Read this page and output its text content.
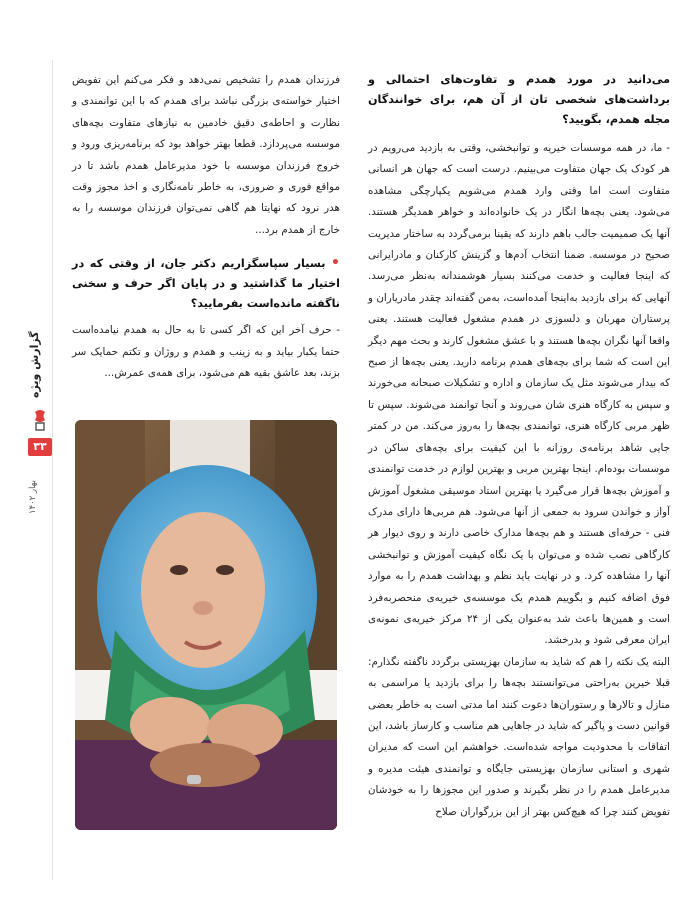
می‌دانید در مورد همدم و تفاوت‌های احتمالی و برداشت‌های شخصی تان از آن هم، برای خوانندگان مجله همدم، بگویید؟

- ما، در همه موسسات خیریه و توانبخشی، وقتی به بازدید می‌رویم در هر کودک یک جهان متفاوت می‌بینیم. درست است که جهان هر انسانی متفاوت است اما وقتی وارد همدم می‌شویم یکپارچگی مشاهده می‌شود. یعنی بچه‌ها انگار در یک خانواده‌اند و خواهر همدیگر هستند. آنها یک صمیمیت جالب باهم دارند که یقینا برمی‌گردد به ساختار مدیریت صحیح در موسسه. ضمنا انتخاب آدم‌ها و گزینش کارکنان و مادرایرانی که اینجا فعالیت و خدمت می‌کنند بسیار هوشمندانه به‌نظر می‌رسد. آنهایی که برای بازدید به‌اینجا آمده‌است، به‌من گفته‌اند چقدر مادریاران و پرستاران مهربان و دلسوزی در همدم مشغول فعالیت هستند. یعنی واقعا آنها نگران بچه‌ها هستند و با عشق مشغول کارند و بحث مهم دیگر این است که شما برای بچه‌های همدم برنامه دارید. یعنی بچه‌ها از صبح که بیدار می‌شوند مثل یک سازمان و اداره و تشکیلات صبحانه می‌خورند و سپس به کارگاه هنری شان می‌روند و آنجا توانمند می‌شوند. سپس تا ظهر مربی کارگاه هنری، توانمندی بچه‌ها را به‌روز می‌کند. من در کمتر جایی شاهد برنامه‌ی روزانه با این کیفیت برای بچه‌های ساکن در موسسات بوده‌ام. اینجا بهترین مربی و بهترین لوازم در خدمت توانمندی و آموزش بچه‌ها قرار می‌گیرد یا بهترین استاد موسیقی مشغول آموزش آواز و خواندن سرود به جمعی از آنها می‌شود. هم مربی‌ها دارای مدرک فنی - حرفه‌ای هستند و هم بچه‌ها مدارک خاصی دارند و روی دیوار هر کارگاهی نصب شده و می‌توان با یک نگاه کیفیت آموزش و توانبخشی آنها را مشاهده کرد. و در نهایت باید نظم و بهداشت همدم را به موارد فوق اضافه کنیم و بگوییم همدم یک موسسه‌ی خیریه‌ی منحصربه‌فرد است و همین‌ها باعث شد به‌عنوان یکی از ۲۴ مرکز خیریه‌ی نمونه‌ی ایران معرفی شود و بدرخشد.

البته یک نکته را هم که شاید به سازمان بهزیستی برگردد ناگفته نگذارم: قبلا خیرین به‌راحتی می‌توانستند بچه‌ها را برای بازدید یا مراسمی به منازل و تالارها و رستوران‌ها دعوت کنند اما مدتی است به خاطر بعضی قوانین دست و پاگیر که شاید در جاهایی هم مناسب و کارساز باشد، این اتفاقات با محدودیت مواجه شده‌است. خواهشم این است که مدیران شهری و استانی سازمان بهزیستی جایگاه و توانمندی هیئت مدیره و مدیرعامل همدم را در نظر بگیرند و صدور این مجوزها را به خودشان تفویض کنند چرا که هیچ‌کس بهتر از این بزرگواران صلاح

فرزندان همدم را تشخیص نمی‌دهد و فکر می‌کنم این تفویض اختیار خواسته‌ی بزرگی نباشد برای همدم که با این توانمندی و نظارت و احاطه‌ی دقیق خادمین به نیازهای متفاوت بچه‌های موسسه می‌پردازد. قطعا بهتر خواهد بود که برنامه‌ریزی ورود و خروج فرزندان موسسه با خود مدیرعامل همدم باشد تا در مواقع فوری و ضروری، به خاطر نامه‌نگاری و اخذ مجوز وقت هدر نرود که نهایتا هم گاهی نمی‌توان فرزندان موسسه را به خارج از همدم برد...

• بسیار سپاسگزاریم دکتر جان، از وقتی که در اختیار ما گذاشتید و در پایان اگر حرف و سخنی ناگفته مانده‌است بفرمایید؟

- حرف آخر این که اگر کسی تا به حال به همدم نیامده‌است حتما یکبار بیاید و به زینب و همدم و روژان و تکتم حمایک سر بزند، بعد عاشق بقیه هم می‌شود، برای همه‌ی عمرش...

گزارش ویژه
۳۳
بهار ۱۴۰۲
